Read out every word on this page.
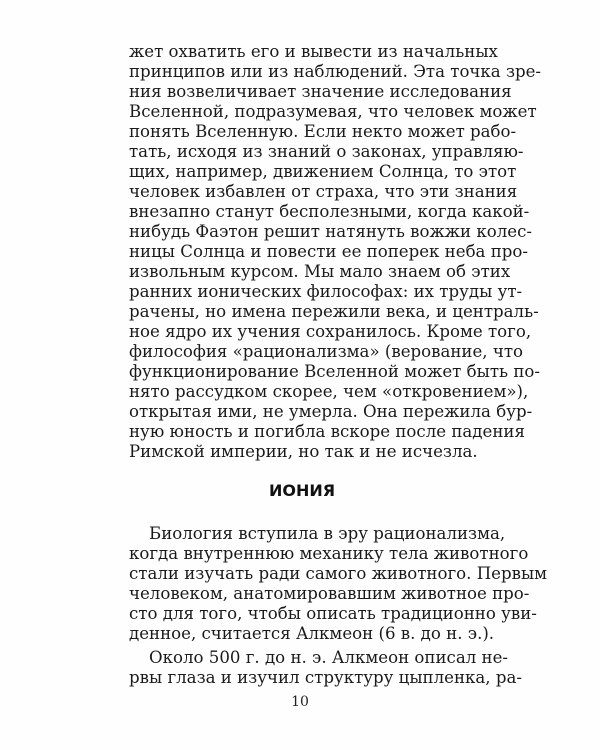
жет охватить его и вывести из начальных
принципов или из наблюдений. Эта точка зре-
ния возвеличивает значение исследования
Вселенной, подразумевая, что человек может
понять Вселенную. Если некто может рабо-
тать, исходя из знаний о законах, управляю-
щих, например, движением Солнца, то этот
человек избавлен от страха, что эти знания
внезапно станут бесполезными, когда какой-
нибудь Фаэтон решит натянуть вожжи колес-
ницы Солнца и повести ее поперек неба про-
извольным курсом. Мы мало знаем об этих
ранних ионических философах: их труды ут-
рачены, но имена пережили века, и централь-
ное ядро их учения сохранилось. Кроме того,
философия «рационализма» (верование, что
функционирование Вселенной может быть по-
нято рассудком скорее, чем «откровением»),
открытая ими, не умерла. Она пережила бур-
ную юность и погибла вскоре после падения
Римской империи, но так и не исчезла.
ИОНИЯ
Биология вступила в эру рационализма,
когда внутреннюю механику тела животного
стали изучать ради самого животного. Первым
человеком, анатомировавшим животное про-
сто для того, чтобы описать традиционно уви-
денное, считается Алкмеон (6 в. до н. э.).
Около 500 г. до н. э. Алкмеон описал не-
рвы глаза и изучил структуру цыпленка, ра-
10
